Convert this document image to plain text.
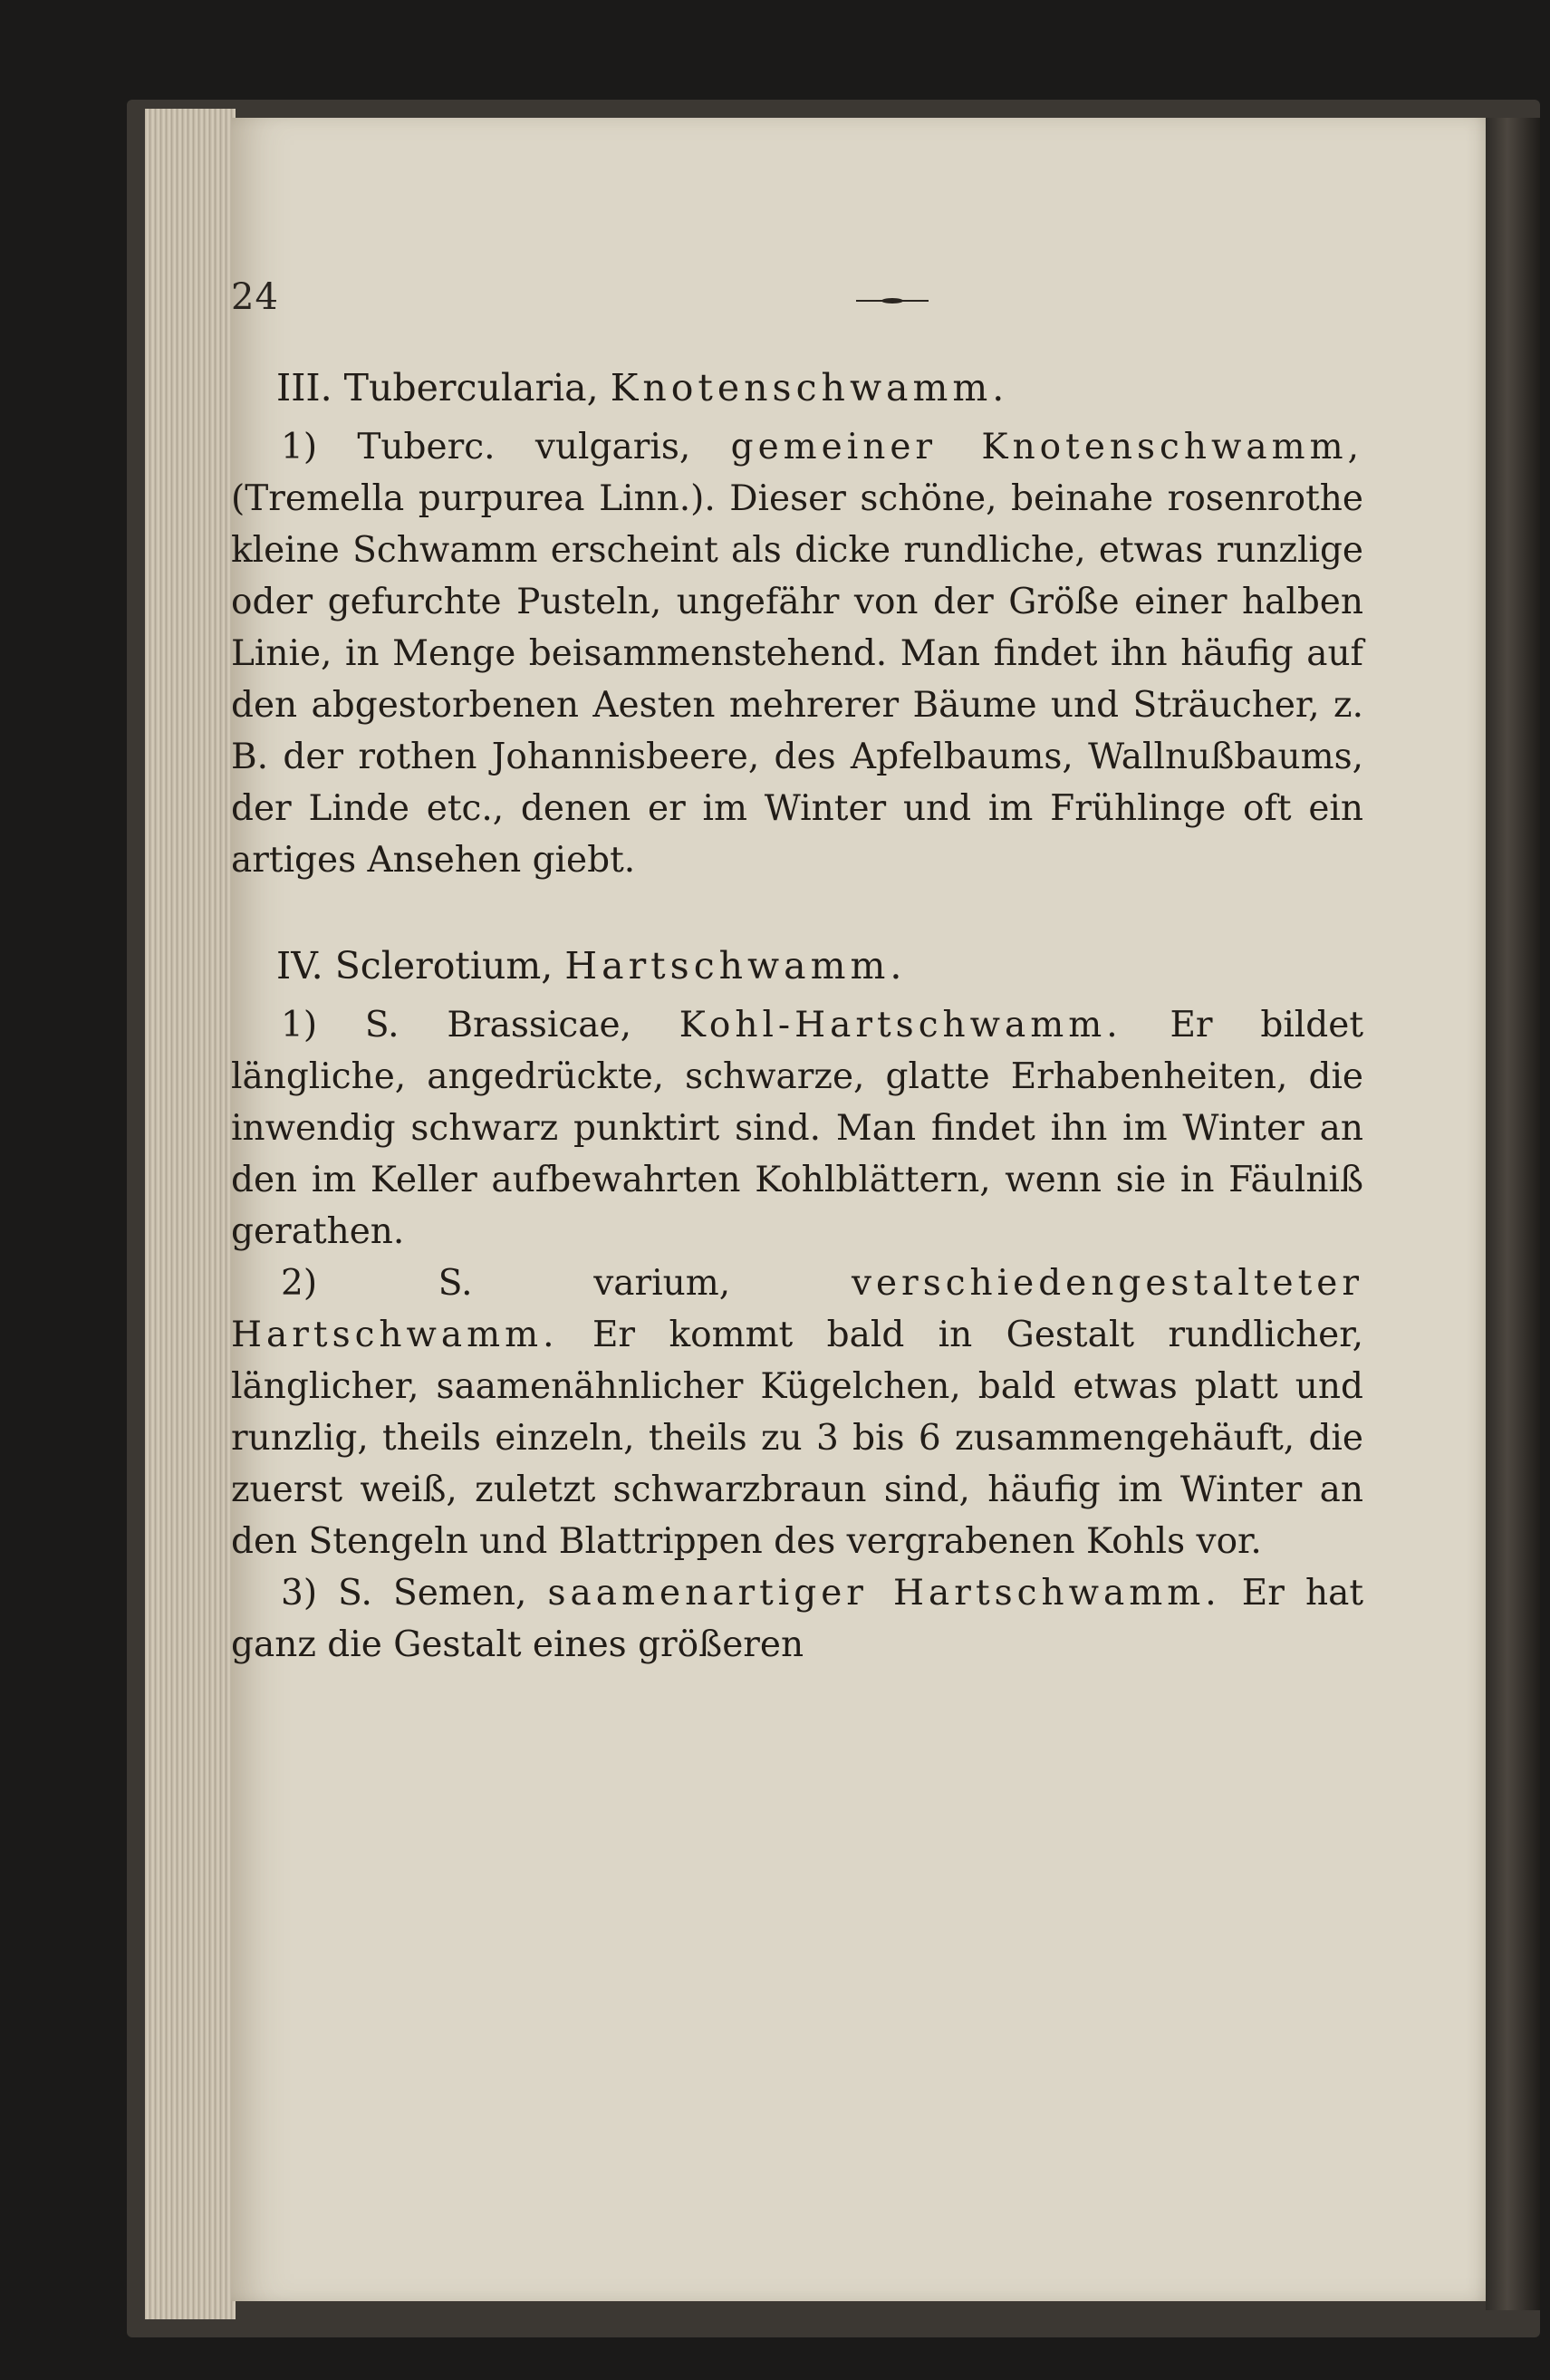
24

III. Tubercularia, Knotenschwamm.

1) Tuberc. vulgaris, gemeiner Knotenschwamm, (Tremella purpurea Linn.). Dieser schöne, beinahe rosenrothe kleine Schwamm erscheint als dicke rundliche, etwas runzlige oder gefurchte Pusteln, ungefähr von der Größe einer halben Linie, in Menge beisammenstehend. Man findet ihn häufig auf den abgestorbenen Aesten mehrerer Bäume und Sträucher, z. B. der rothen Johannisbeere, des Apfelbaums, Wallnußbaums, der Linde etc., denen er im Winter und im Frühlinge oft ein artiges Ansehen giebt.

IV. Sclerotium, Hartschwamm.

1) S. Brassicae, Kohl-Hartschwamm. Er bildet längliche, angedrückte, schwarze, glatte Erhabenheiten, die inwendig schwarz punktirt sind. Man findet ihn im Winter an den im Keller aufbewahrten Kohlblättern, wenn sie in Fäulniß gerathen.

2) S. varium,	verschiedengestalteter Hartschwamm. Er kommt bald in Gestalt rundlicher, länglicher, saamenähnlicher Kügelchen, bald etwas platt und runzlig, theils einzeln, theils zu 3 bis 6 zusammengehäuft, die zuerst weiß, zuletzt schwarzbraun sind, häufig im Winter an den Stengeln und Blattrippen des vergrabenen Kohls vor.

3) S. Semen, saamenartiger Hartschwamm. Er hat ganz die Gestalt eines größeren
